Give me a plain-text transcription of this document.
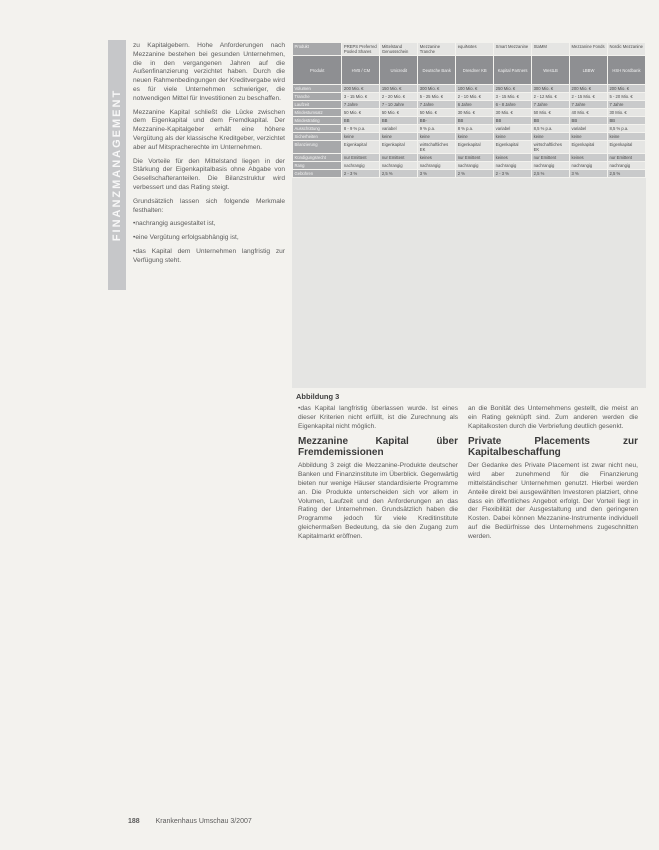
FINANZMANAGEMENT

zu Kapitalgebern. Hohe Anforderungen nach Mezzanine bestehen bei gesunden Unternehmen, die in den vergangenen Jahren auf die Außenfinanzierung verzichtet haben. Durch die neuen Rahmenbedingungen der Kreditvergabe wird es für viele Unternehmen schwieriger, die notwendigen Mittel für Investitionen zu beschaffen.

Mezzanine Kapital schließt die Lücke zwischen dem Eigenkapital und dem Fremdkapital. Der Mezzanine-Kapitalgeber erhält eine höhere Vergütung als der klassische Kreditgeber, verzichtet aber auf Mitspracherechte im Unternehmen.

Die Vorteile für den Mittelstand liegen in der Stärkung der Eigenkapitalbasis ohne Abgabe von Gesellschafteranteilen. Die Bilanzstruktur wird verbessert und das Rating steigt.

Grundsätzlich lassen sich folgende Merkmale festhalten:

• nachrangig ausgestaltet ist,

• eine Vergütung erfolgsabhängig ist,

• das Kapital dem Unternehmen langfristig zur Verfügung steht.

Produkt	PREPS Preferred Pooled Shares	Mittelstand Genussschein	Mezzanine Tranche	equiNotes	Smart Mezzanine	StaMM	Mezzanine Fonds	Nordic Mezzanine
Produkt	HVB / CM	Unicredit	Deutsche Bank	Dresdner KB	Kapital Partners	WestLB	LBBW	HSH Nordbank
Volumen	200 Mio. €	150 Mio. €	300 Mio. €	100 Mio. €	250 Mio. €	300 Mio. €	200 Mio. €	200 Mio. €
Tranche	3 - 15 Mio. €	2 - 20 Mio. €	5 - 25 Mio. €	2 - 10 Mio. €	3 - 15 Mio. €	2 - 12 Mio. €	2 - 15 Mio. €	5 - 20 Mio. €
Laufzeit	7 Jahre	7 - 10 Jahre	7 Jahre	6 Jahre	6 - 8 Jahre	7 Jahre	7 Jahre	7 Jahre
Mindestumsatz	50 Mio. €	50 Mio. €	50 Mio. €	30 Mio. €	30 Mio. €	50 Mio. €	40 Mio. €	30 Mio. €
Mindestrating	BB	BB	BB-	BB	BB	BB	BB	BB
Ausschüttung	8 - 9 % p.a.	variabel	9 % p.a.	8 % p.a.	variabel	8,5 % p.a.	variabel	8,5 % p.a.
Sicherheiten	keine	keine	keine	keine	keine	keine	keine	keine
Bilanzierung	Eigenkapital	Eigenkapital	wirtschaftliches EK	Eigenkapital	Eigenkapital	wirtschaftliches EK	Eigenkapital	Eigenkapital
Kündigungsrecht	nur Emittent	nur Emittent	keines	nur Emittent	keines	nur Emittent	keines	nur Emittent
Rang	nachrangig	nachrangig	nachrangig	nachrangig	nachrangig	nachrangig	nachrangig	nachrangig
Gebühren	2 - 3 %	2,5 %	3 %	2 %	2 - 3 %	2,5 %	3 %	2,5 %
Abbildung 3

• das Kapital langfristig überlassen wurde. Ist eines dieser Kriterien nicht erfüllt, ist die Zurechnung als Eigenkapital nicht möglich.

Mezzanine Kapital über Fremdemissionen

Abbildung 3 zeigt die Mezzanine-Produkte deutscher Banken und Finanzinstitute im Überblick. Gegenwärtig bieten nur wenige Häuser standardisierte Programme an. Die Produkte unterscheiden sich vor allem in Volumen, Laufzeit und den Anforderungen an das Rating der Unternehmen. Grundsätzlich haben die Programme jedoch für viele Kreditinstitute gleichermaßen Bedeutung, da sie den Zugang zum Kapitalmarkt eröffnen.

an die Bonität des Unternehmens gestellt, die meist an ein Rating geknüpft sind. Zum anderen werden die Kapitalkosten durch die Verbriefung deutlich gesenkt.

Private Placements zur Kapitalbeschaffung

Der Gedanke des Private Placement ist zwar nicht neu, wird aber zunehmend für die Finanzierung mittelständischer Unternehmen genutzt. Hierbei werden Anteile direkt bei ausgewählten Investoren platziert, ohne dass ein öffentliches Angebot erfolgt. Der Vorteil liegt in der Flexibilität der Ausgestaltung und den geringeren Kosten. Dabei können Mezzanine-Instrumente individuell auf die Bedürfnisse des Unternehmens zugeschnitten werden.

188 Krankenhaus Umschau 3/2007
